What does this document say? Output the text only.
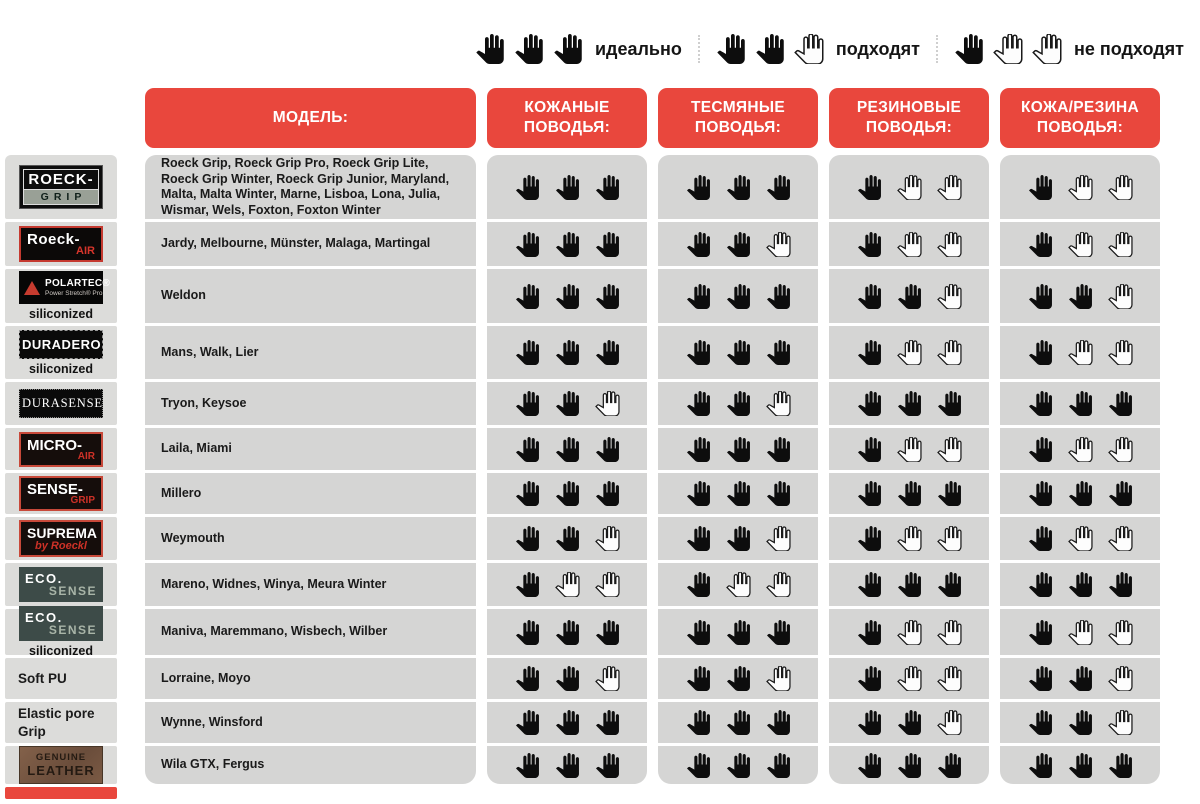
идеально	подходят	не подходят
ROECK-
GRIP
Roeck-
AIR
POLARTEC®
Power Stretch® Pro
siliconized
DURADERO
siliconized
DURASENSE
MICRO-
AIR
SENSE-
GRIP
SUPREMA
by Roeckl
ECO.
SENSE
ECO.
SENSE
siliconized
Soft PU
Elastic pore Grip
GENUINE
LEATHER
МОДЕЛЬ:
Roeck Grip, Roeck Grip Pro, Roeck Grip Lite, Roeck Grip Winter, Roeck Grip Junior, Maryland, Malta, Malta Winter, Marne, Lisboa, Lona, Julia, Wismar, Wels, Foxton, Foxton Winter
Jardy, Melbourne, Münster, Malaga, Martingal
Weldon
Mans, Walk, Lier
Tryon, Keysoe
Laila, Miami
Millero
Weymouth
Mareno, Widnes, Winya, Meura Winter
Maniva, Maremmano, Wisbech, Wilber
Lorraine, Moyo
Wynne, Winsford
Wila GTX, Fergus
КОЖАНЫЕ ПОВОДЬЯ:
ТЕСМЯНЫЕ ПОВОДЬЯ:
РЕЗИНОВЫЕ ПОВОДЬЯ:
КОЖА/РЕЗИНА ПОВОДЬЯ:
